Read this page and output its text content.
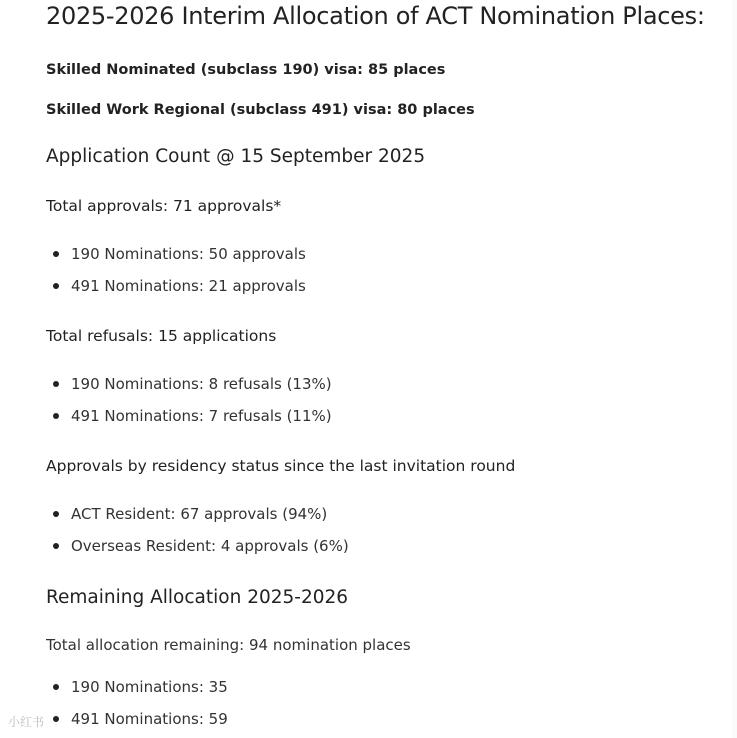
2025-2026 Interim Allocation of ACT Nomination Places:

Skilled Nominated (subclass 190) visa: 85 places

Skilled Work Regional (subclass 491) visa: 80 places

Application Count @ 15 September 2025
Total approvals: 71 approvals*
190 Nominations: 50 approvals
491 Nominations: 21 approvals
Total refusals: 15 applications
190 Nominations: 8 refusals (13%)
491 Nominations: 7 refusals (11%)
Approvals by residency status since the last invitation round
ACT Resident: 67 approvals (94%)
Overseas Resident: 4 approvals (6%)
Remaining Allocation 2025-2026

Total allocation remaining: 94 nomination places

190 Nominations: 35
491 Nominations: 59
小红书
